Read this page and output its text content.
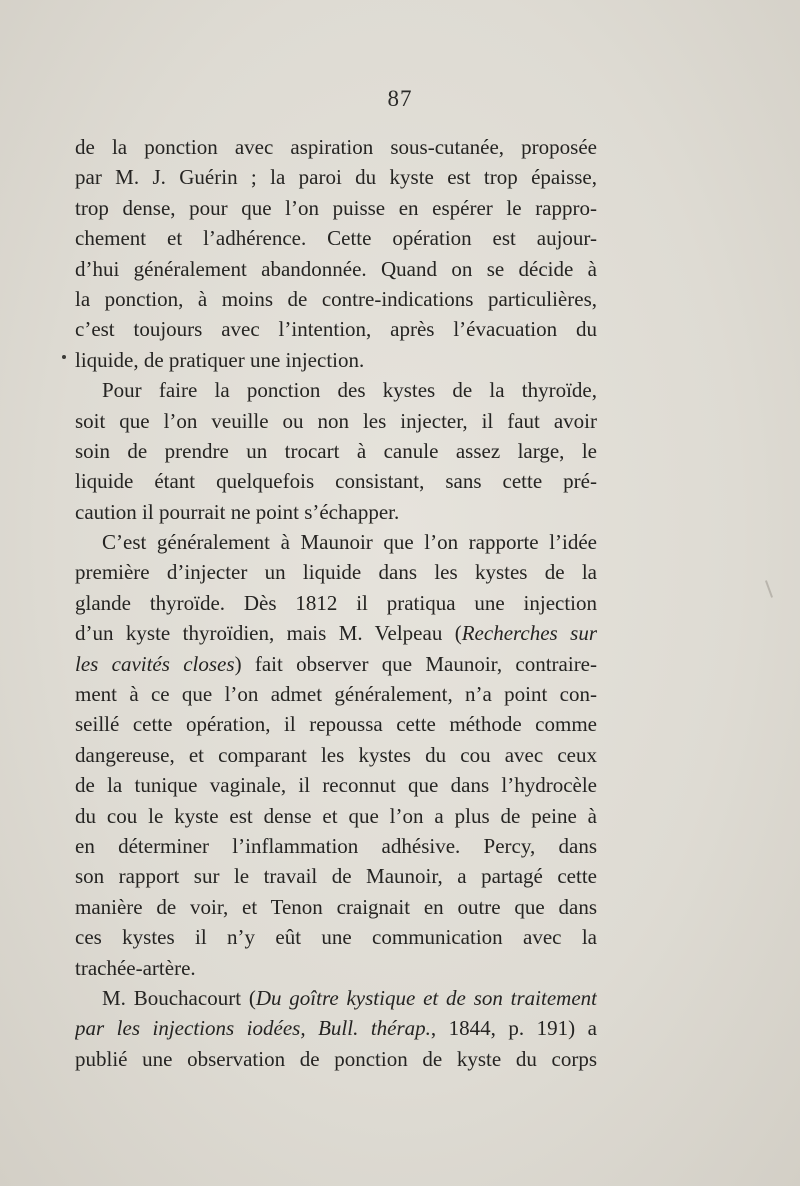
87
de la ponction avec aspiration sous-cutanée, proposée
par M. J. Guérin ; la paroi du kyste est trop épaisse,
trop dense, pour que l’on puisse en espérer le rappro-
chement et l’adhérence. Cette opération est aujour-
d’hui généralement abandonnée. Quand on se décide à
la ponction, à moins de contre-indications particulières,
c’est toujours avec l’intention, après l’évacuation du
liquide, de pratiquer une injection.
Pour faire la ponction des kystes de la thyroïde,
soit que l’on veuille ou non les injecter, il faut avoir
soin de prendre un trocart à canule assez large, le
liquide étant quelquefois consistant, sans cette pré-
caution il pourrait ne point s’échapper.
C’est généralement à Maunoir que l’on rapporte l’idée
première d’injecter un liquide dans les kystes de la
glande thyroïde. Dès 1812 il pratiqua une injection
d’un kyste thyroïdien, mais M. Velpeau (Recherches sur
les cavités closes) fait observer que Maunoir, contraire-
ment à ce que l’on admet généralement, n’a point con-
seillé cette opération, il repoussa cette méthode comme
dangereuse, et comparant les kystes du cou avec ceux
de la tunique vaginale, il reconnut que dans l’hydrocèle
du cou le kyste est dense et que l’on a plus de peine à
en déterminer l’inflammation adhésive. Percy, dans
son rapport sur le travail de Maunoir, a partagé cette
manière de voir, et Tenon craignait en outre que dans
ces kystes il n’y eût une communication avec la
trachée-artère.
M. Bouchacourt (Du goître kystique et de son traitement
par les injections iodées, Bull. thérap., 1844, p. 191) a
publié une observation de ponction de kyste du corps
